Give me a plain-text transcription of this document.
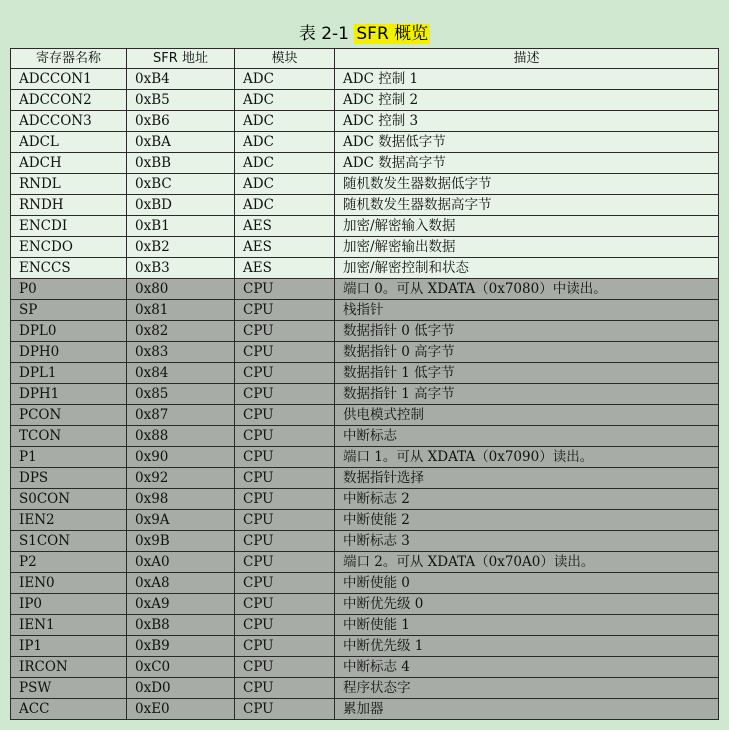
表 2-1 SFR 概览
寄存器名称	SFR 地址	模块	描述
ADCCON1	0xB4	ADC	ADC 控制 1
ADCCON2	0xB5	ADC	ADC 控制 2
ADCCON3	0xB6	ADC	ADC 控制 3
ADCL	0xBA	ADC	ADC 数据低字节
ADCH	0xBB	ADC	ADC 数据高字节
RNDL	0xBC	ADC	随机数发生器数据低字节
RNDH	0xBD	ADC	随机数发生器数据高字节
ENCDI	0xB1	AES	加密/解密输入数据
ENCDO	0xB2	AES	加密/解密输出数据
ENCCS	0xB3	AES	加密/解密控制和状态
P0	0x80	CPU	端口 0。可从 XDATA（0x7080）中读出。
SP	0x81	CPU	栈指针
DPL0	0x82	CPU	数据指针 0 低字节
DPH0	0x83	CPU	数据指针 0 高字节
DPL1	0x84	CPU	数据指针 1 低字节
DPH1	0x85	CPU	数据指针 1 高字节
PCON	0x87	CPU	供电模式控制
TCON	0x88	CPU	中断标志
P1	0x90	CPU	端口 1。可从 XDATA（0x7090）读出。
DPS	0x92	CPU	数据指针选择
S0CON	0x98	CPU	中断标志 2
IEN2	0x9A	CPU	中断使能 2
S1CON	0x9B	CPU	中断标志 3
P2	0xA0	CPU	端口 2。可从 XDATA（0x70A0）读出。
IEN0	0xA8	CPU	中断使能 0
IP0	0xA9	CPU	中断优先级 0
IEN1	0xB8	CPU	中断使能 1
IP1	0xB9	CPU	中断优先级 1
IRCON	0xC0	CPU	中断标志 4
PSW	0xD0	CPU	程序状态字
ACC	0xE0	CPU	累加器
